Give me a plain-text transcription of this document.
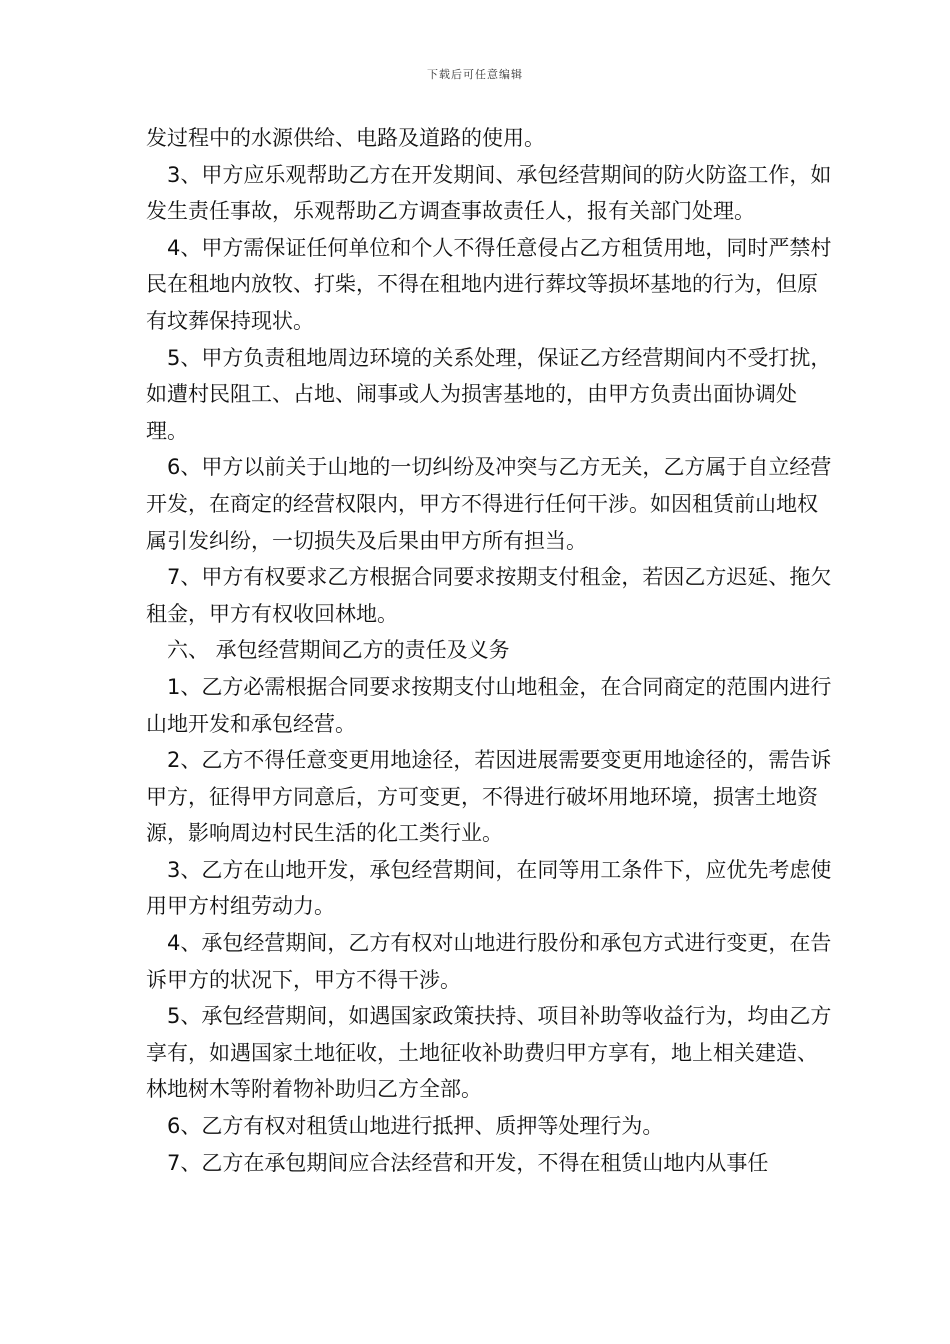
下载后可任意编辑

发过程中的水源供给、电路及道路的使用。

3、甲方应乐观帮助乙方在开发期间、承包经营期间的防火防盗工作，如发生责任事故，乐观帮助乙方调查事故责任人，报有关部门处理。

4、甲方需保证任何单位和个人不得任意侵占乙方租赁用地，同时严禁村民在租地内放牧、打柴，不得在租地内进行葬坟等损坏基地的行为，但原有坟葬保持现状。

5、甲方负责租地周边环境的关系处理，保证乙方经营期间内不受打扰，如遭村民阻工、占地、闹事或人为损害基地的，由甲方负责出面协调处理。

6、甲方以前关于山地的一切纠纷及冲突与乙方无关，乙方属于自立经营开发，在商定的经营权限内，甲方不得进行任何干涉。如因租赁前山地权属引发纠纷，一切损失及后果由甲方所有担当。

7、甲方有权要求乙方根据合同要求按期支付租金，若因乙方迟延、拖欠租金，甲方有权收回林地。

六、 承包经营期间乙方的责任及义务

1、乙方必需根据合同要求按期支付山地租金，在合同商定的范围内进行山地开发和承包经营。

2、乙方不得任意变更用地途径，若因进展需要变更用地途径的，需告诉甲方，征得甲方同意后，方可变更，不得进行破坏用地环境，损害土地资源，影响周边村民生活的化工类行业。

3、乙方在山地开发，承包经营期间，在同等用工条件下，应优先考虑使用甲方村组劳动力。

4、承包经营期间，乙方有权对山地进行股份和承包方式进行变更，在告诉甲方的状况下，甲方不得干涉。

5、承包经营期间，如遇国家政策扶持、项目补助等收益行为，均由乙方享有，如遇国家土地征收，土地征收补助费归甲方享有，地上相关建造、林地树木等附着物补助归乙方全部。

6、乙方有权对租赁山地进行抵押、质押等处理行为。

7、乙方在承包期间应合法经营和开发，不得在租赁山地内从事任
